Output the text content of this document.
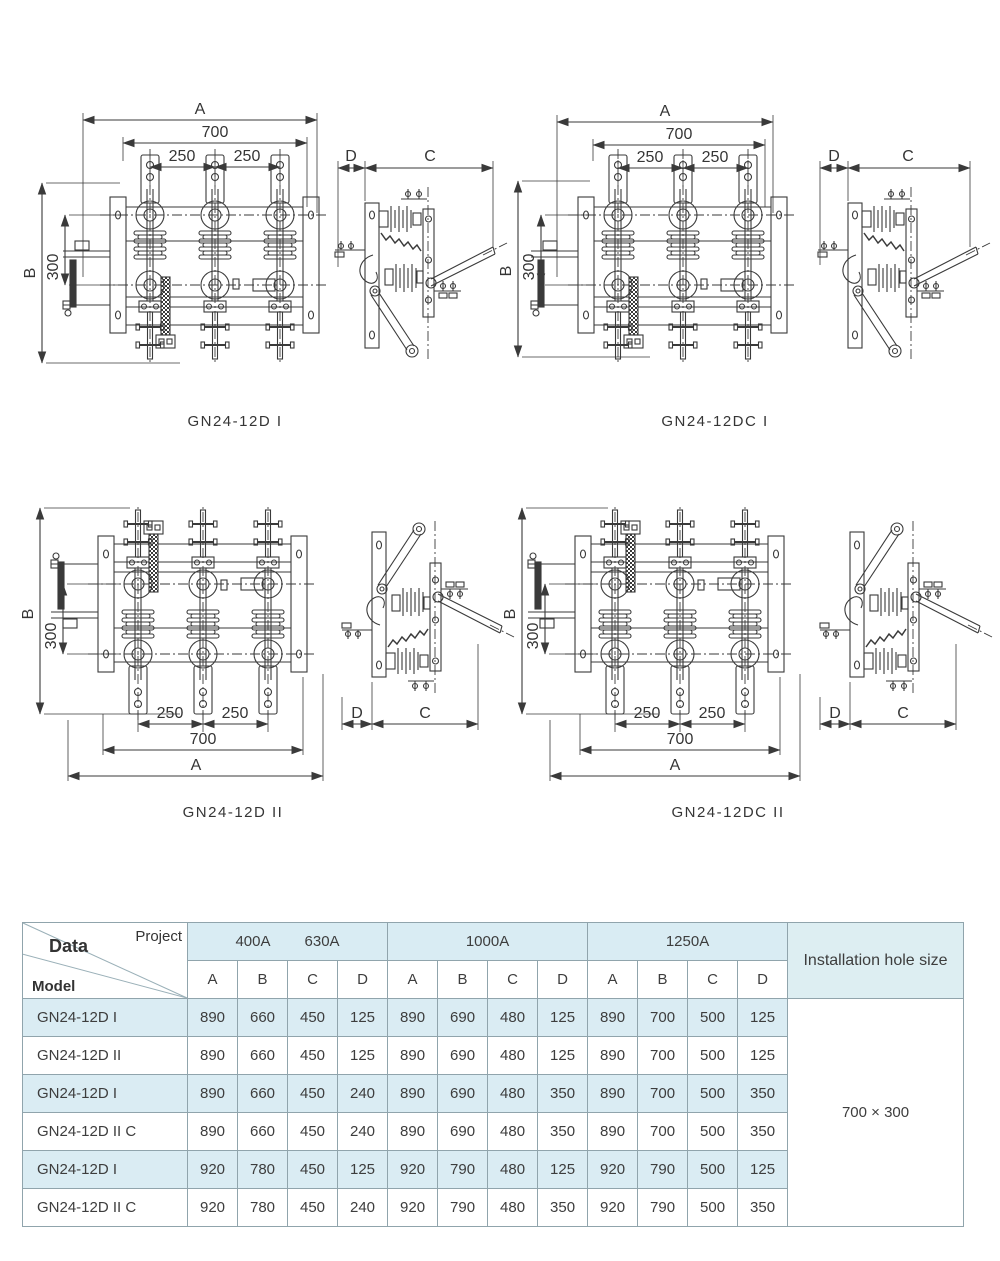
A
700
250 250
B 300
D	C
GN24-12D I
A
700
250 250
B 300
D	C
GN24-12DC I
B
300
250 250
700
A
D	C
GN24-12D II
B
300
250 250
700
A
D	C
GN24-12DC II
Project
Data
Model	400A 630A				1000A				1250A				Installation hole size
	A	B	C	D	A	B	C	D	A	B	C	D	
GN24-12D I	890	660	450	125	890	690	480	125	890	700	500	125	700 × 300
GN24-12D II	890	660	450	125	890	690	480	125	890	700	500	125	
GN24-12D I	890	660	450	240	890	690	480	350	890	700	500	350	
GN24-12D II C	890	660	450	240	890	690	480	350	890	700	500	350	
GN24-12D I	920	780	450	125	920	790	480	125	920	790	500	125	
GN24-12D II C	920	780	450	240	920	790	480	350	920	790	500	350	
